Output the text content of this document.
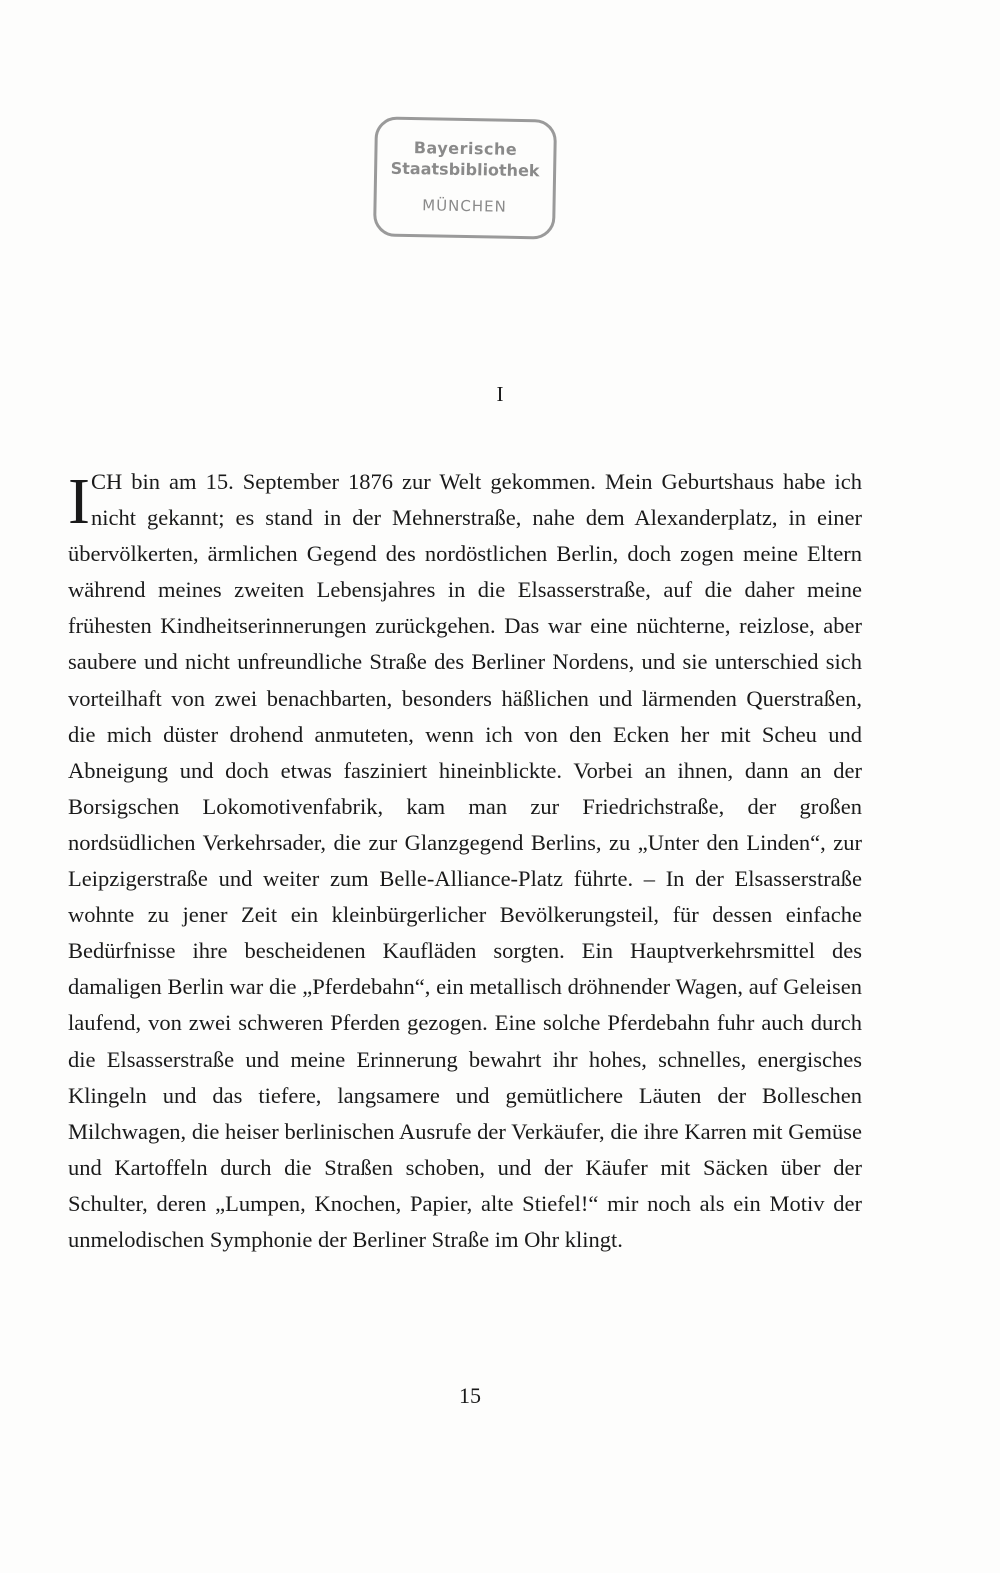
Bayerische
Staatsbibliothek
MÜNCHEN
I

ICH bin am 15. September 1876 zur Welt gekommen. Mein Geburtshaus habe ich nicht gekannt; es stand in der Mehnerstraße, nahe dem Alexanderplatz, in einer übervölkerten, ärmlichen Gegend des nordöstlichen Berlin, doch zogen meine Eltern während meines zweiten Lebensjahres in die Elsasserstraße, auf die daher meine frühesten Kindheitserinnerungen zurückgehen. Das war eine nüchterne, reizlose, aber saubere und nicht unfreundliche Straße des Berliner Nordens, und sie unterschied sich vorteilhaft von zwei benachbarten, besonders häßlichen und lärmenden Querstraßen, die mich düster drohend anmuteten, wenn ich von den Ecken her mit Scheu und Abneigung und doch etwas fasziniert hineinblickte. Vorbei an ihnen, dann an der Borsigschen Lokomotivenfabrik, kam man zur Friedrichstraße, der großen nordsüdlichen Verkehrsader, die zur Glanzgegend Berlins, zu „Unter den Linden“, zur Leipzigerstraße und weiter zum Belle-Alliance-Platz führte. – In der Elsasserstraße wohnte zu jener Zeit ein kleinbürgerlicher Bevölkerungsteil, für dessen einfache Bedürfnisse ihre bescheidenen Kaufläden sorgten. Ein Hauptverkehrsmittel des damaligen Berlin war die „Pferdebahn“, ein metallisch dröhnender Wagen, auf Geleisen laufend, von zwei schweren Pferden gezogen. Eine solche Pferdebahn fuhr auch durch die Elsasserstraße und meine Erinnerung bewahrt ihr hohes, schnelles, energisches Klingeln und das tiefere, langsamere und gemütlichere Läuten der Bolleschen Milchwagen, die heiser berlinischen Ausrufe der Verkäufer, die ihre Karren mit Gemüse und Kartoffeln durch die Straßen schoben, und der Käufer mit Säcken über der Schulter, deren „Lumpen, Knochen, Papier, alte Stiefel!“ mir noch als ein Motiv der unmelodischen Symphonie der Berliner Straße im Ohr klingt.

15
